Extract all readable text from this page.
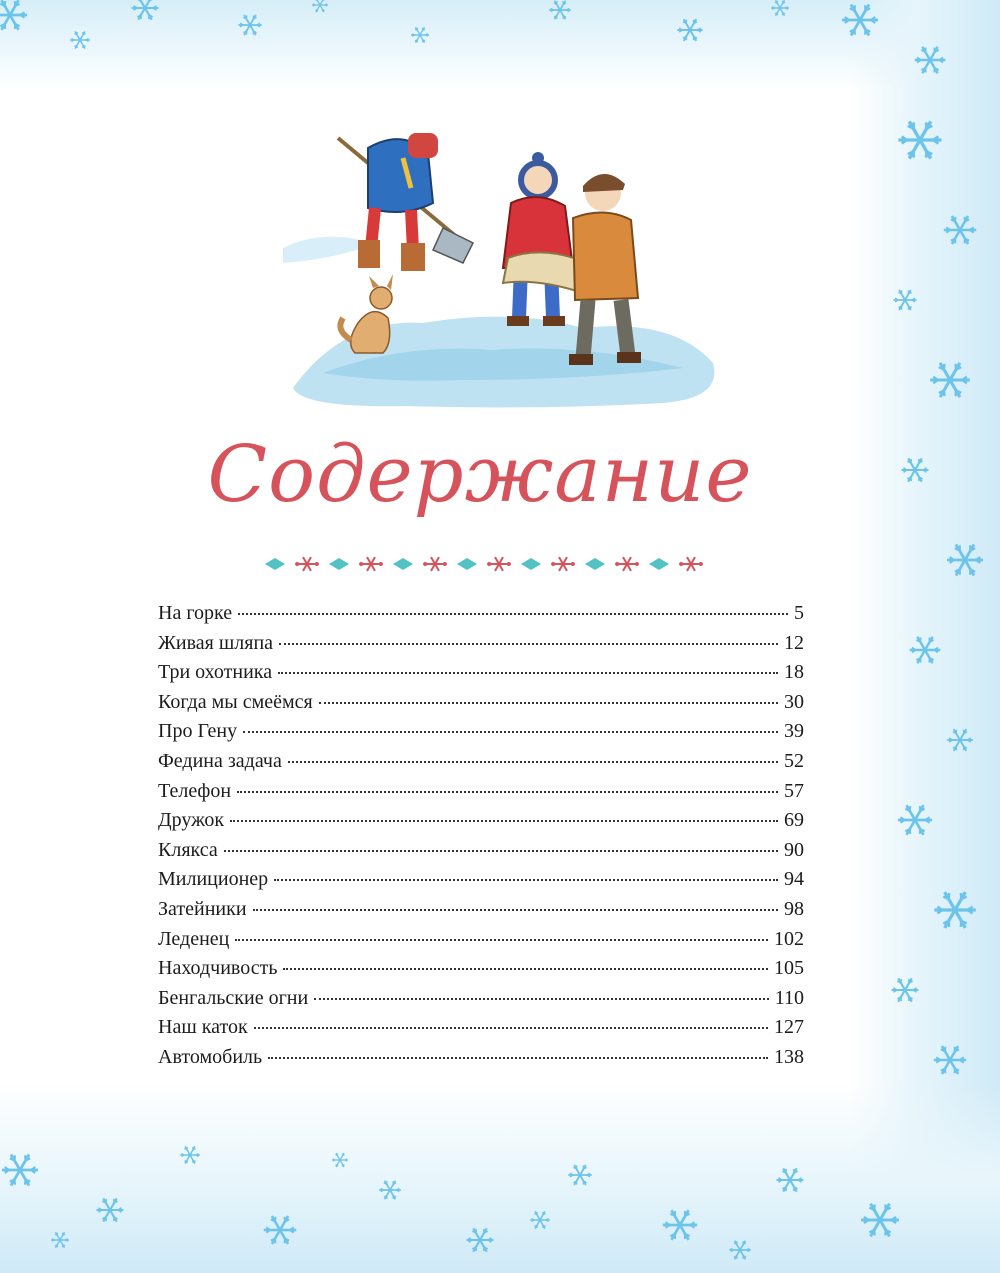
Содержание
На горке	5
Живая шляпа	12
Три охотника	18
Когда мы смеёмся	30
Про Гену	39
Федина задача	52
Телефон	57
Дружок	69
Клякса	90
Милиционер	94
Затейники	98
Леденец	102
Находчивость	105
Бенгальские огни	110
Наш каток	127
Автомобиль	138
